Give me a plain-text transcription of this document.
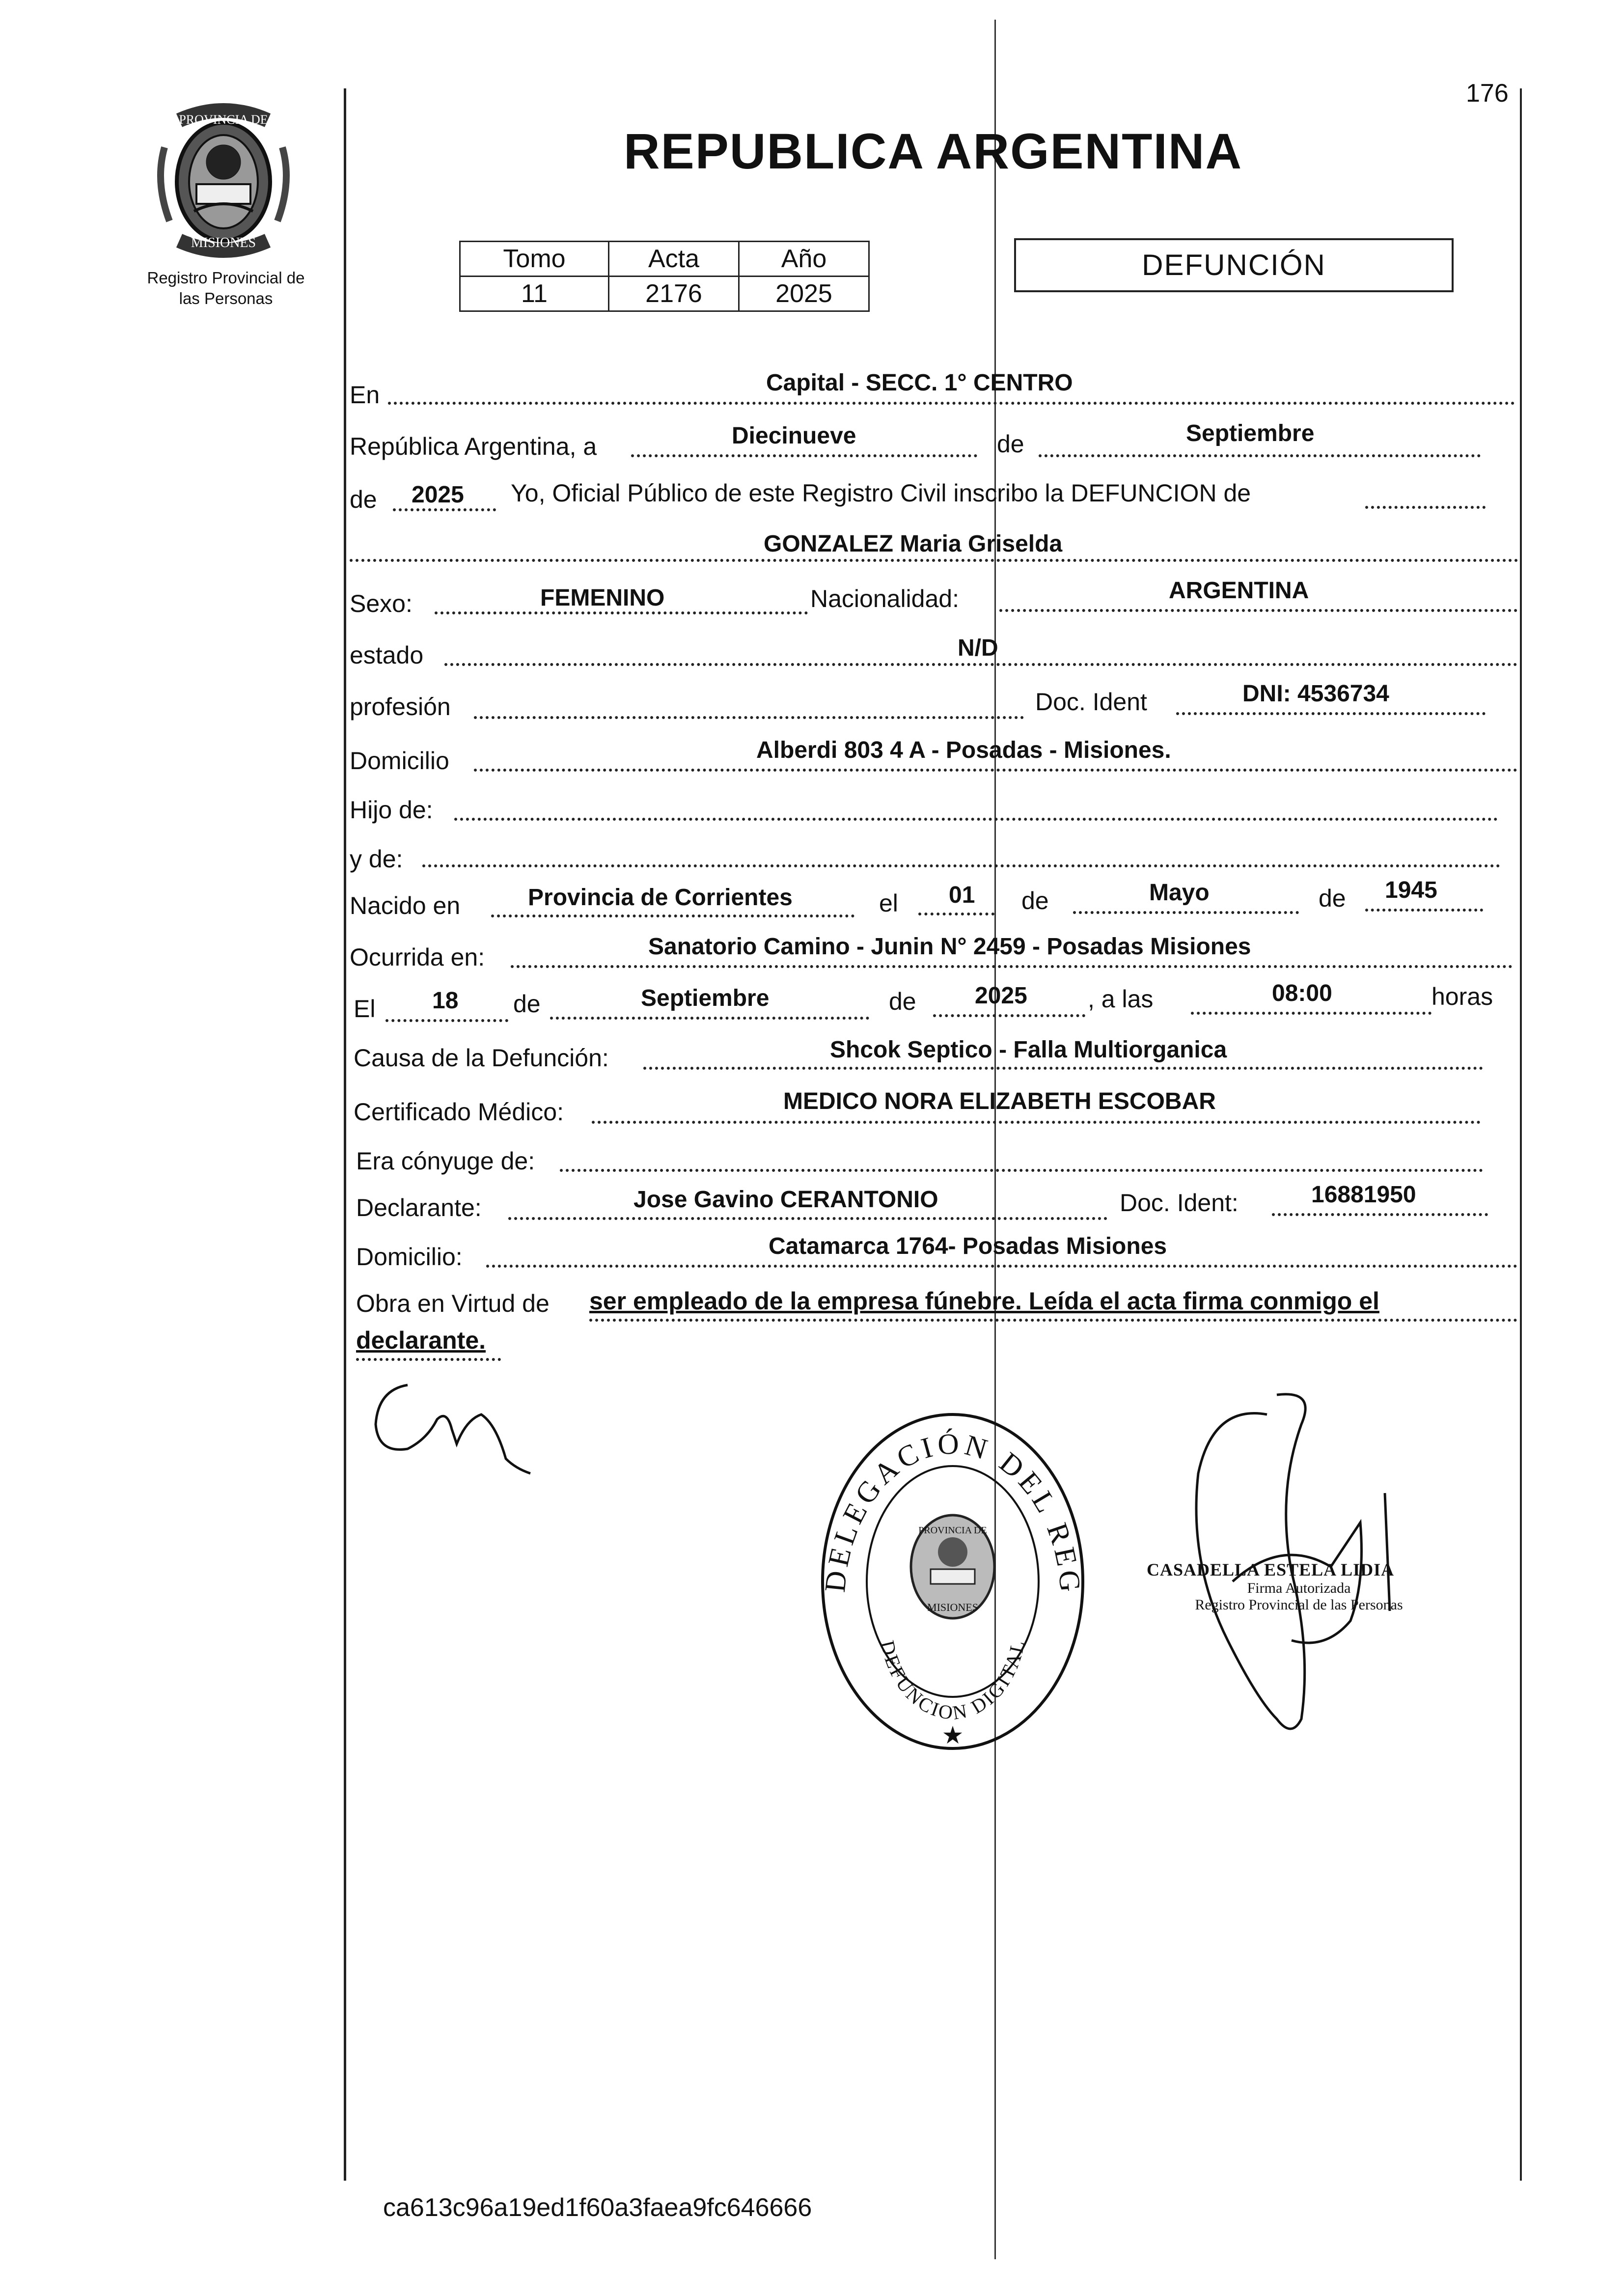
176
PROVINCIA DE
MISIONES
Registro Provincial de
las Personas
REPUBLICA ARGENTINA
Tomo	Acta	Año
11	2176	2025
DEFUNCIÓN
En	Capital - SECC. 1° CENTRO
República Argentina, a	Diecinueve	de	Septiembre
de 2025 Yo, Oficial Público de este Registro Civil inscribo la DEFUNCION de
GONZALEZ Maria Griselda
Sexo:	FEMENINO	Nacionalidad:	ARGENTINA
estado	N/D
profesión	Doc. Ident	DNI: 4536734
Domicilio	Alberdi 803 4 A - Posadas - Misiones.
Hijo de:
y de:
Nacido en	Provincia de Corrientes	el 01 de	Mayo	de 1945
Ocurrida en:	Sanatorio Camino - Junin N° 2459 - Posadas Misiones
El 18 de	Septiembre	de 2025 , a las	08:00	horas
Causa de la Defunción:	Shcok Septico - Falla Multiorganica
Certificado Médico:	MEDICO NORA ELIZABETH ESCOBAR
Era cónyuge de:
Declarante:	Jose Gavino CERANTONIO	Doc. Ident:	16881950
Domicilio:	Catamarca 1764- Posadas Misiones
Obra en Virtud de ser empleado de la empresa fúnebre. Leída el acta firma conmigo el
declarante.
DELEGACIÓN DEL REG
DEFUNCION DIGITAL
PROVINCIA DE
MISIONES
★
CASADELLA ESTELA LIDIA
Firma Autorizada
Registro Provincial de las Personas
ca613c96a19ed1f60a3faea9fc646666
